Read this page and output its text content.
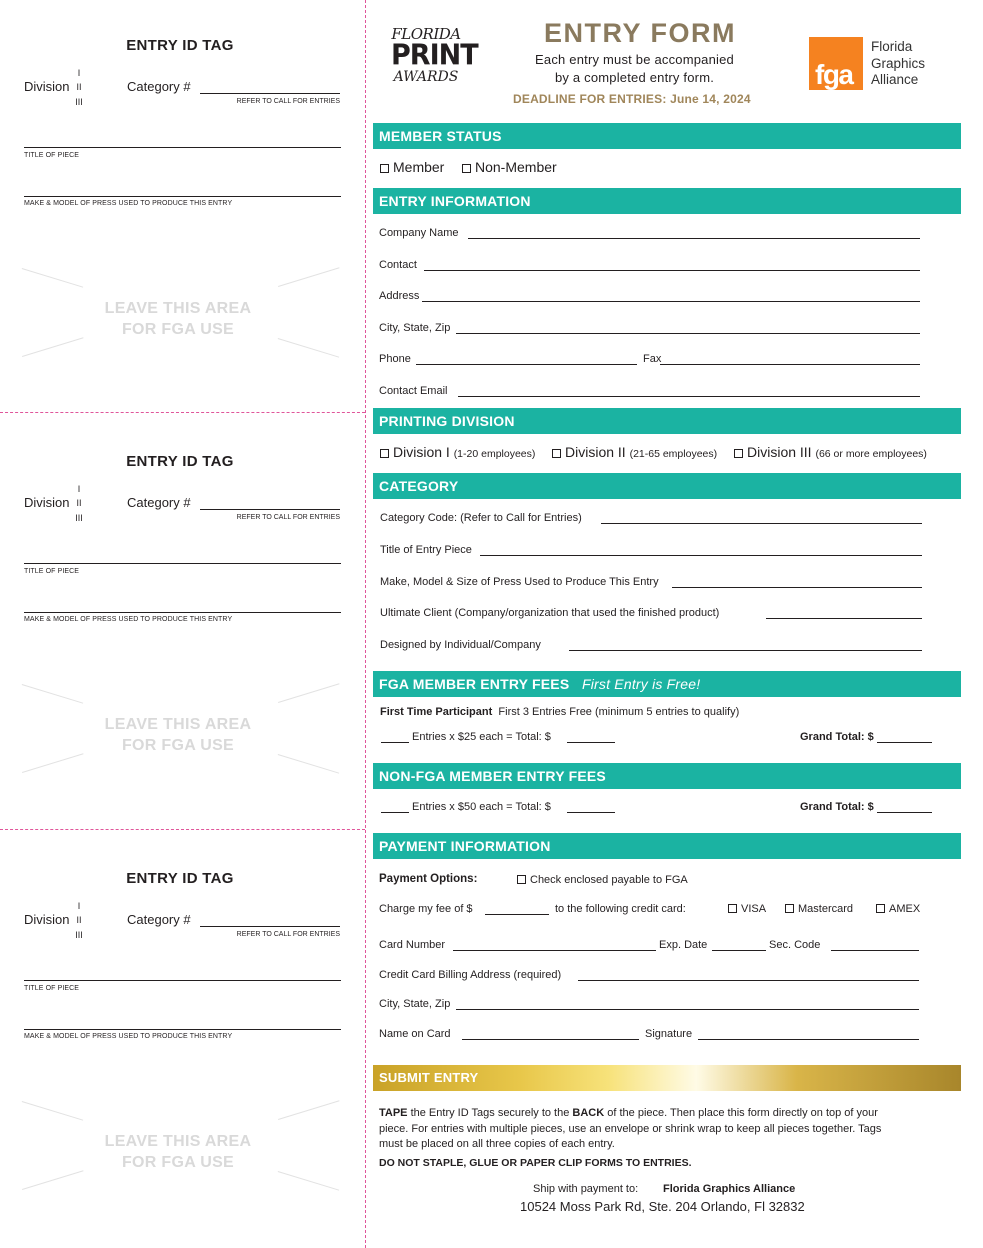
ENTRY ID TAG
Division
I
II
III
Category #
REFER TO CALL FOR ENTRIES
TITLE OF PIECE
MAKE & MODEL OF PRESS USED TO PRODUCE THIS ENTRY
LEAVE THIS AREA
FOR FGA USE
FLORIDA
PRINT
AWARDS
ENTRY FORM
Each entry must be accompanied
by a completed entry form.
DEADLINE FOR ENTRIES: June 14, 2024
fga
Florida
Graphics
Alliance
MEMBER STATUS
Member	Non-Member
ENTRY INFORMATION
Company Name
Contact
Address
City, State, Zip
Phone	Fax
Contact Email
PRINTING DIVISION
Division I (1-20 employees)	Division II (21-65 employees)	Division III (66 or more employees)
CATEGORY
Category Code: (Refer to Call for Entries)
Title of Entry Piece
Make, Model & Size of Press Used to Produce This Entry
Ultimate Client (Company/organization that used the finished product)
Designed by Individual/Company
FGA MEMBER ENTRY FEES First Entry is Free!
First Time Participant First 3 Entries Free (minimum 5 entries to qualify)
Entries x $25 each = Total: $	Grand Total: $
NON-FGA MEMBER ENTRY FEES
Entries x $50 each = Total: $	Grand Total: $
PAYMENT INFORMATION
Payment Options:	Check enclosed payable to FGA
Charge my fee of $	to the following credit card:	VISA	Mastercard	AMEX
Card Number	Exp. Date	Sec. Code
Credit Card Billing Address (required)
City, State, Zip
Name on Card	Signature
SUBMIT ENTRY
TAPE the Entry ID Tags securely to the BACK of the piece. Then place this form directly on top of your piece. For entries with multiple pieces, use an envelope or shrink wrap to keep all pieces together. Tags must be placed on all three copies of each entry.
DO NOT STAPLE, GLUE OR PAPER CLIP FORMS TO ENTRIES.
Ship with payment to: Florida Graphics Alliance
10524 Moss Park Rd, Ste. 204 Orlando, Fl 32832
ENTRY ID TAG
Division
I
II
III
Category #
REFER TO CALL FOR ENTRIES
TITLE OF PIECE
MAKE & MODEL OF PRESS USED TO PRODUCE THIS ENTRY
LEAVE THIS AREA
FOR FGA USE
ENTRY ID TAG
Division
I
II
III
Category #
REFER TO CALL FOR ENTRIES
TITLE OF PIECE
MAKE & MODEL OF PRESS USED TO PRODUCE THIS ENTRY
LEAVE THIS AREA
FOR FGA USE
